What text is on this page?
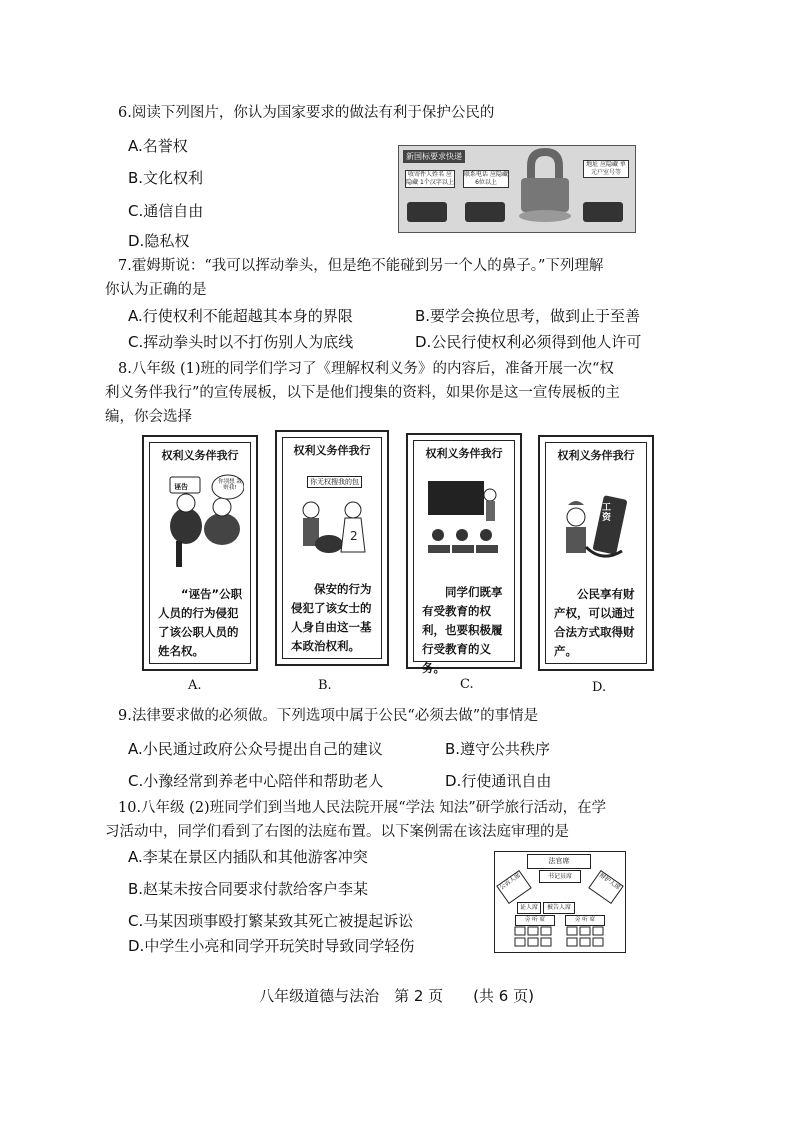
6.阅读下列图片，你认为国家要求的做法有利于保护公民的
A.名誉权
B.文化权利
C.通信自由
D.隐私权
新国标要求快递
收寄件人姓名 应隐藏 1个汉字以上
联系电话 应隐藏 6位以上
地址 应隐藏 单元户室号等
7.霍姆斯说：“我可以挥动拳头，但是绝不能碰到另一个人的鼻子。”下列理解
你认为正确的是
A.行使权利不能超越其本身的界限	B.要学会换位思考，做到止于至善
C.挥动拳头时以不打伤别人为底线	D.公民行使权利必须得到他人许可
8.八年级 (1)班的同学们学习了《理解权利义务》的内容后，准备开展一次“权
利义务伴我行”的宣传展板，以下是他们搜集的资料，如果你是这一宣传展板的主
编，你会选择
权利义务伴我行
诬告
你别想 栽赃我!
公职人员
“诬告”公职人员的行为侵犯了该公职人员的姓名权。
A.
权利义务伴我行
2
你无权搜我的包
保安的行为侵犯了该女士的人身自由这一基本政治权利。
B.
权利义务伴我行
同学们既享有受教育的权利，也要积极履行受教育的义务。
C.
权利义务伴我行
工资
公民享有财产权，可以通过合法方式取得财产。
D.
9.法律要求做的必须做。下列选项中属于公民“必须去做”的事情是
A.小民通过政府公众号提出自己的建议	B.遵守公共秩序
C.小豫经常到养老中心陪伴和帮助老人	D.行使通讯自由
10.八年级 (2)班同学们到当地人民法院开展“学法 知法”研学旅行活动，在学
习活动中，同学们看到了右图的法庭布置。以下案例需在该法庭审理的是
A.李某在景区内插队和其他游客冲突
B.赵某未按合同要求付款给客户李某
C.马某因琐事殴打繁某致其死亡被提起诉讼
D.中学生小亮和同学开玩笑时导致同学轻伤
法官席
书记员席
公诉人席	辩护人席
证人席	被告人席
旁 听 席	旁 听 席
八年级道德与法治　第 2 页　　(共 6 页)
